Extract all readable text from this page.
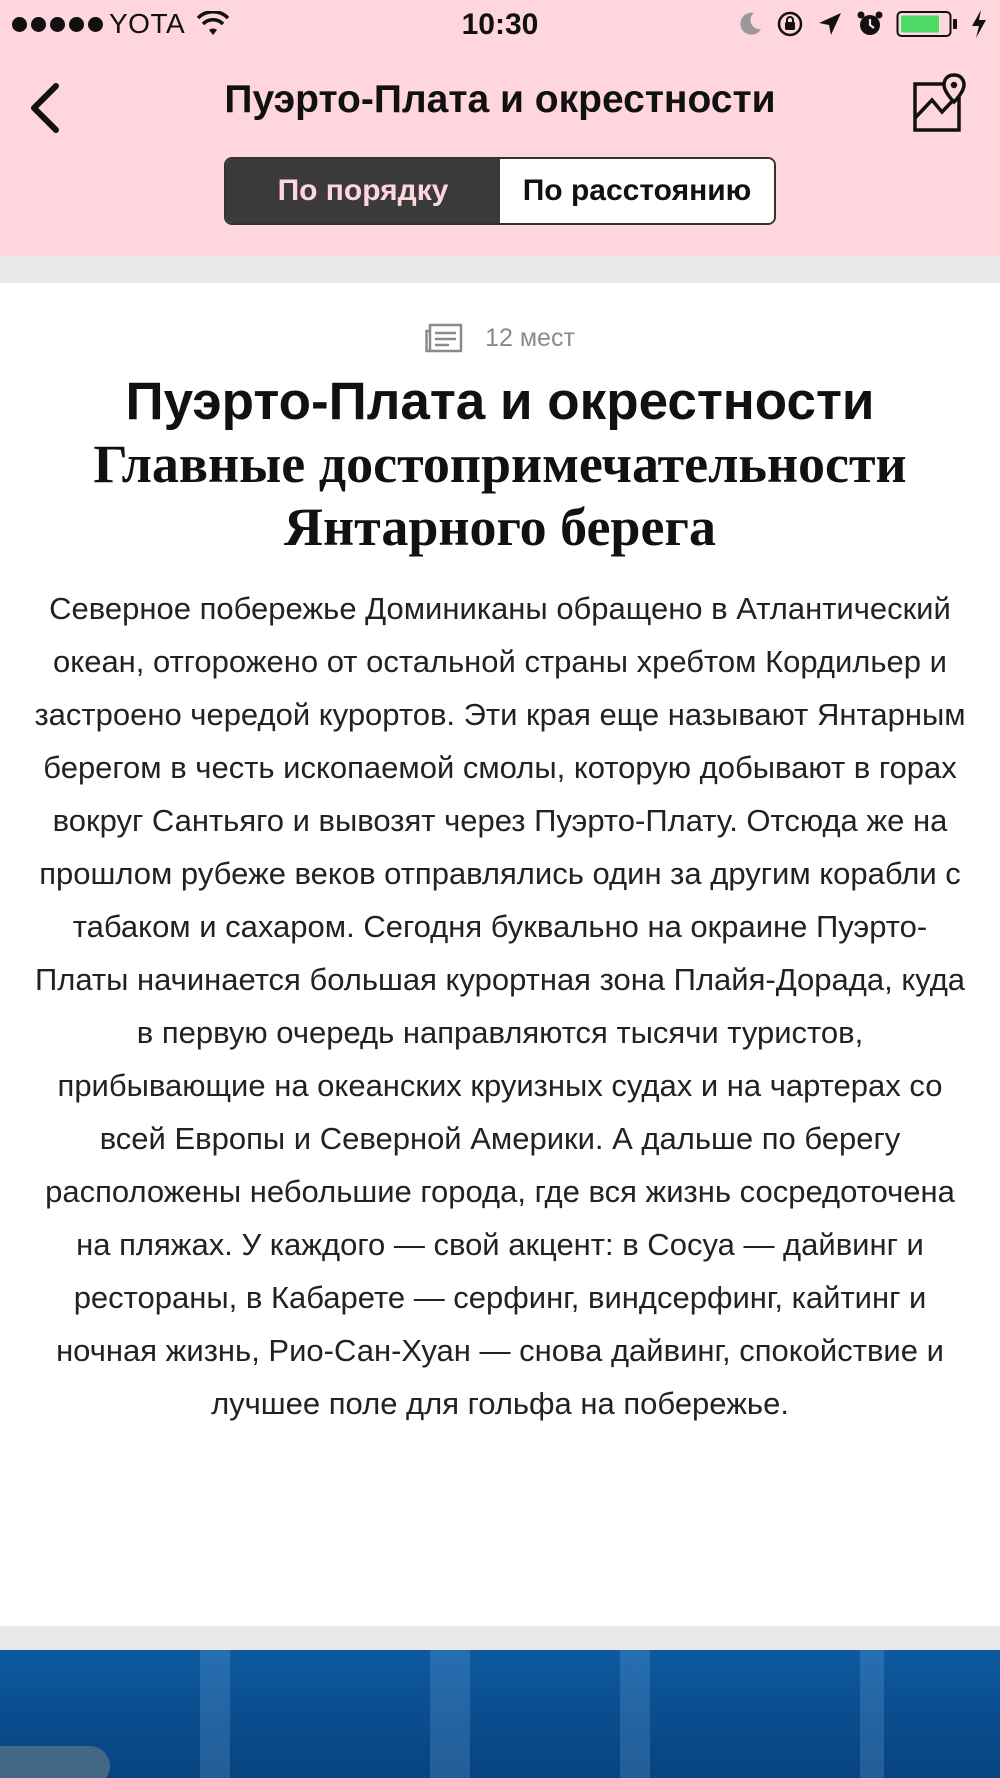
YOTA	10:30
Пуэрто-Плата и окрестности
По порядку	По расстоянию
12 мест
Пуэрто-Плата и окрестности
Главные достопримечательности Янтарного берега

Северное побережье Доминиканы обращено в Атлантический океан, отгорожено от остальной страны хребтом Кордильер и застроено чередой курортов. Эти края еще называют Янтарным берегом в честь ископаемой смолы, которую добывают в горах вокруг Сантьяго и вывозят через Пуэрто-Плату. Отсюда же на прошлом рубеже веков отправлялись один за другим корабли с табаком и сахаром. Сегодня буквально на окраине Пуэрто-Платы начинается большая курортная зона Плайя-Дорада, куда в первую очередь направляются тысячи туристов, прибывающие на океанских круизных судах и на чартерах со всей Европы и Северной Америки. А дальше по берегу расположены небольшие города, где вся жизнь сосредоточена на пляжах. У каждого — свой акцент: в Сосуа — дайвинг и рестораны, в Кабарете — серфинг, виндсерфинг, кайтинг и ночная жизнь, Рио-Сан-Хуан — снова дайвинг, спокойствие и лучшее поле для гольфа на побережье.
